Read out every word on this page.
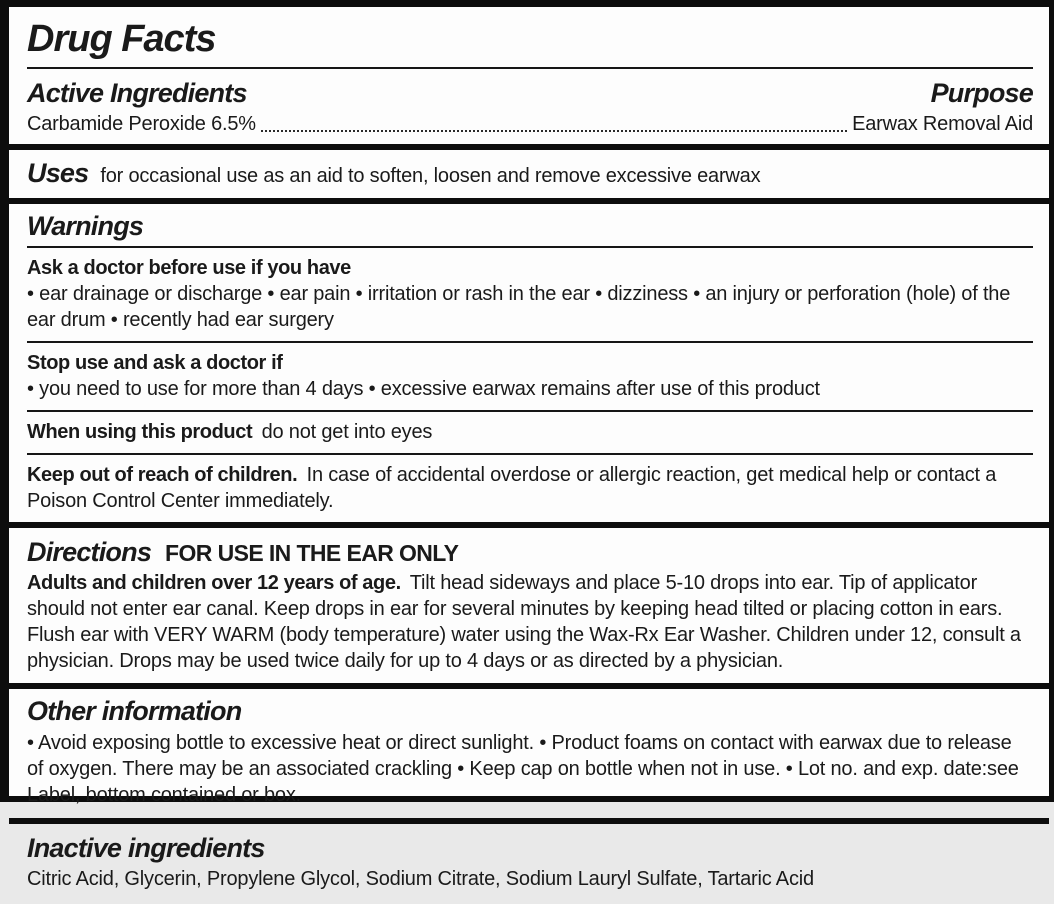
Drug Facts
Active Ingredients	Purpose
Carbamide Peroxide 6.5%	Earwax Removal Aid
Uses for occasional use as an aid to soften, loosen and remove excessive earwax
Warnings
Ask a doctor before use if you have

• ear drainage or discharge • ear pain • irritation or rash in the ear • dizziness • an injury or perforation (hole) of the ear drum • recently had ear surgery

Stop use and ask a doctor if

• you need to use for more than 4 days • excessive earwax remains after use of this product

When using this product do not get into eyes

Keep out of reach of children. In case of accidental overdose or allergic reaction, get medical help or contact a Poison Control Center immediately.

Directions FOR USE IN THE EAR ONLY

Adults and children over 12 years of age. Tilt head sideways and place 5-10 drops into ear. Tip of applicator should not enter ear canal. Keep drops in ear for several minutes by keeping head tilted or placing cotton in ears. Flush ear with VERY WARM (body temperature) water using the Wax-Rx Ear Washer. Children under 12, consult a physician. Drops may be used twice daily for up to 4 days or as directed by a physician.

Other information

• Avoid exposing bottle to excessive heat or direct sunlight. • Product foams on contact with earwax due to release of oxygen. There may be an associated crackling • Keep cap on bottle when not in use. • Lot no. and exp. date:see Label, bottom contained or box.

Inactive ingredients

Citric Acid, Glycerin, Propylene Glycol, Sodium Citrate, Sodium Lauryl Sulfate, Tartaric Acid
